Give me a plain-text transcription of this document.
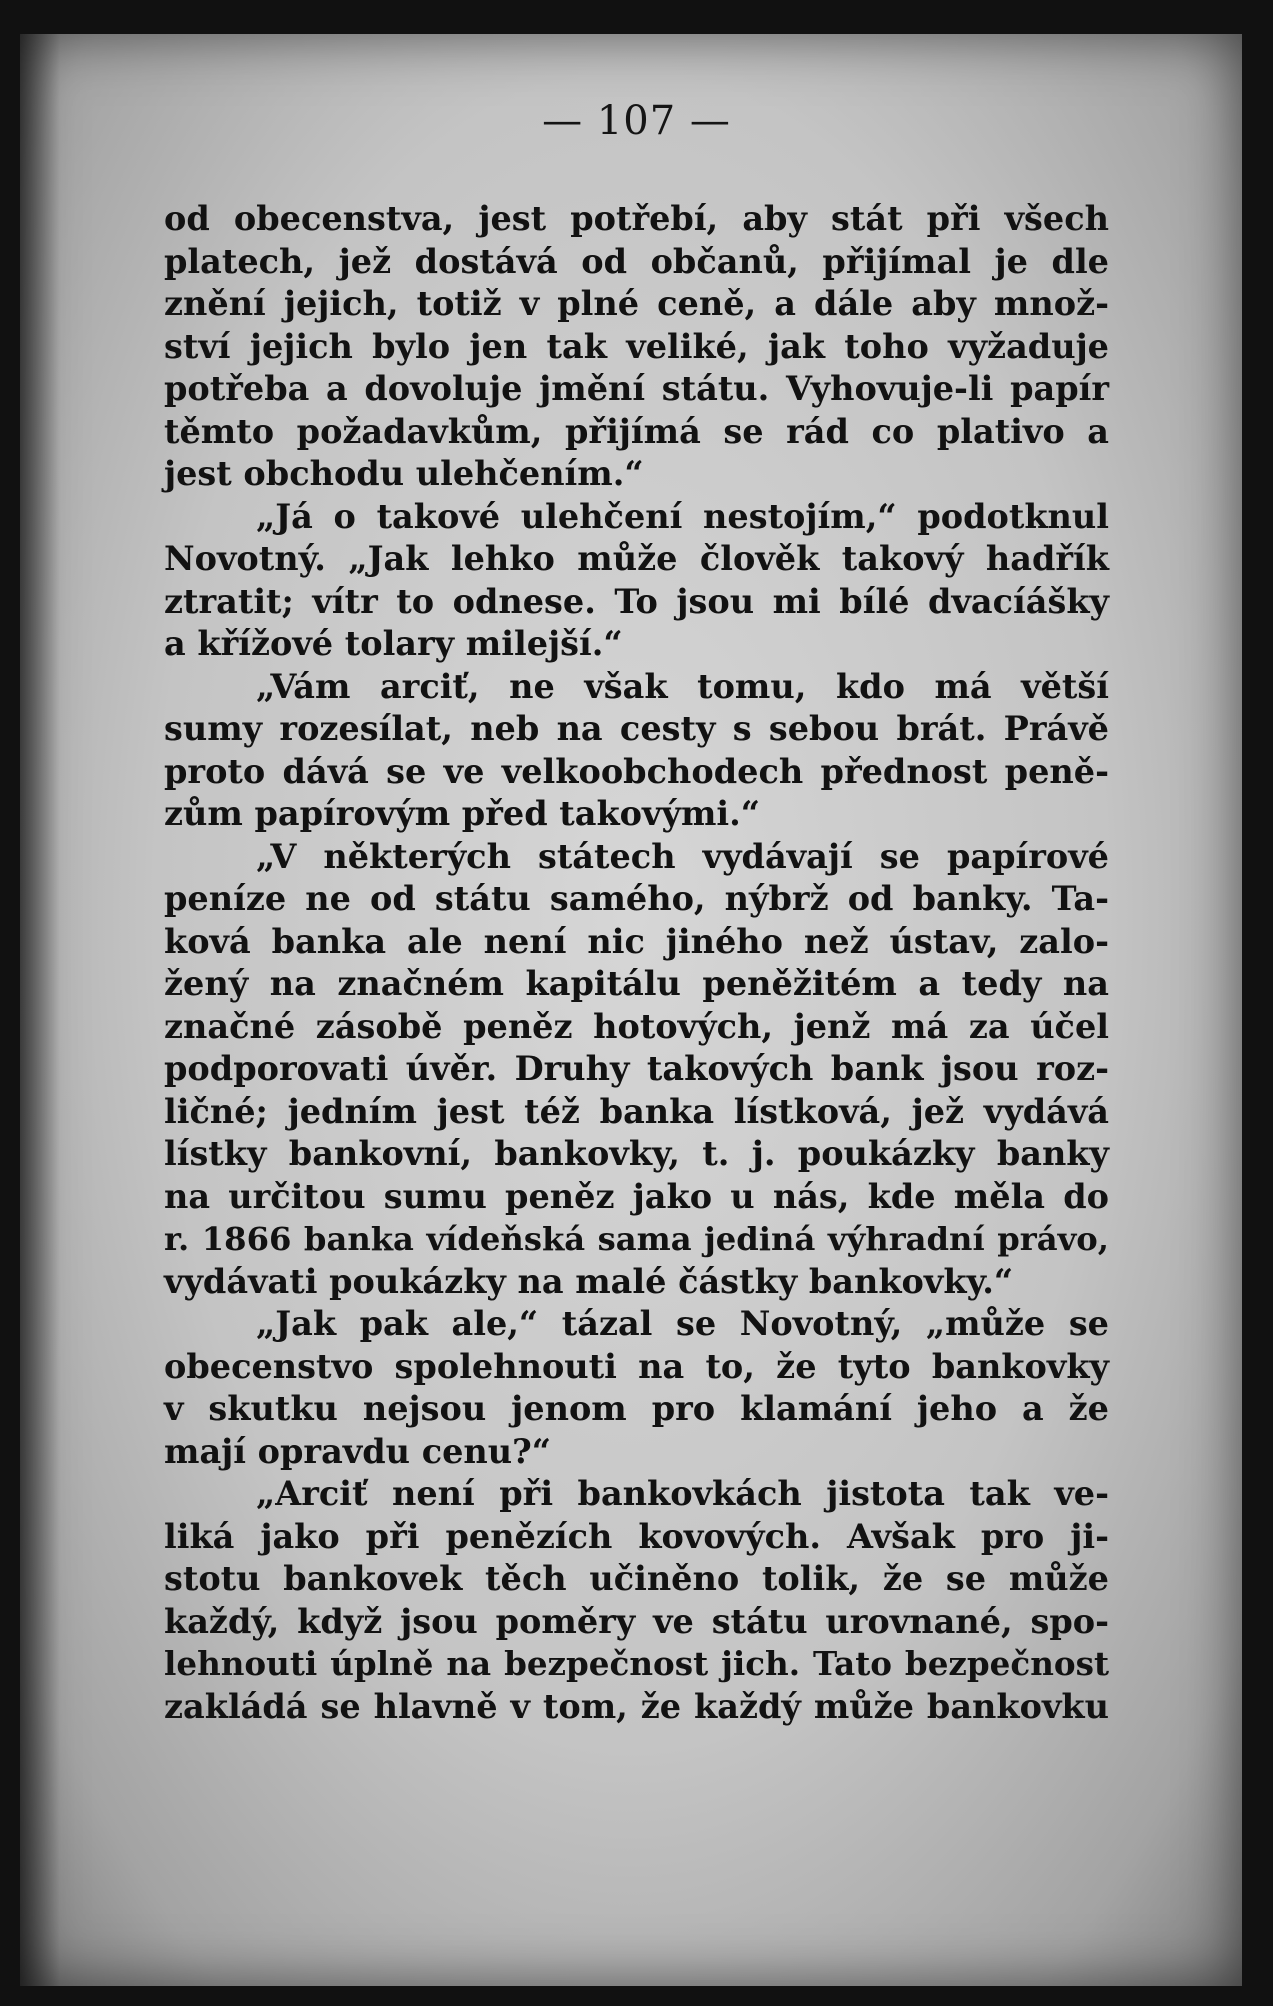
— 107 —
od obecenstva, jest potřebí, aby stát při všech
platech, jež dostává od občanů, přijímal je dle
znění jejich, totiž v plné ceně, a dále aby množ-
ství jejich bylo jen tak veliké, jak toho vyžaduje
potřeba a dovoluje jmění státu. Vyhovuje-li papír
těmto požadavkům, přijímá se rád co plativo a
jest obchodu ulehčením.“
„Já o takové ulehčení nestojím,“ podotknul
Novotný. „Jak lehko může člověk takový hadřík
ztratit; vítr to odnese. To jsou mi bílé dvacíášky
a křížové tolary milejší.“
„Vám arciť, ne však tomu, kdo má větší
sumy rozesílat, neb na cesty s sebou brát. Právě
proto dává se ve velkoobchodech přednost peně-
zům papírovým před takovými.“
„V některých státech vydávají se papírové
peníze ne od státu samého, nýbrž od banky. Ta-
ková banka ale není nic jiného než ústav, zalo-
žený na značném kapitálu peněžitém a tedy na
značné zásobě peněz hotových, jenž má za účel
podporovati úvěr. Druhy takových bank jsou roz-
ličné; jedním jest též banka lístková, jež vydává
lístky bankovní, bankovky, t. j. poukázky banky
na určitou sumu peněz jako u nás, kde měla do
r. 1866 banka vídeňská sama jediná výhradní právo,
vydávati poukázky na malé částky bankovky.“
„Jak pak ale,“ tázal se Novotný, „může se
obecenstvo spolehnouti na to, že tyto bankovky
v skutku nejsou jenom pro klamání jeho a že
mají opravdu cenu?“
„Arciť není při bankovkách jistota tak ve-
liká jako při penězích kovových. Avšak pro ji-
stotu bankovek těch učiněno tolik, že se může
každý, když jsou poměry ve státu urovnané, spo-
lehnouti úplně na bezpečnost jich. Tato bezpečnost
zakládá se hlavně v tom, že každý může bankovku
